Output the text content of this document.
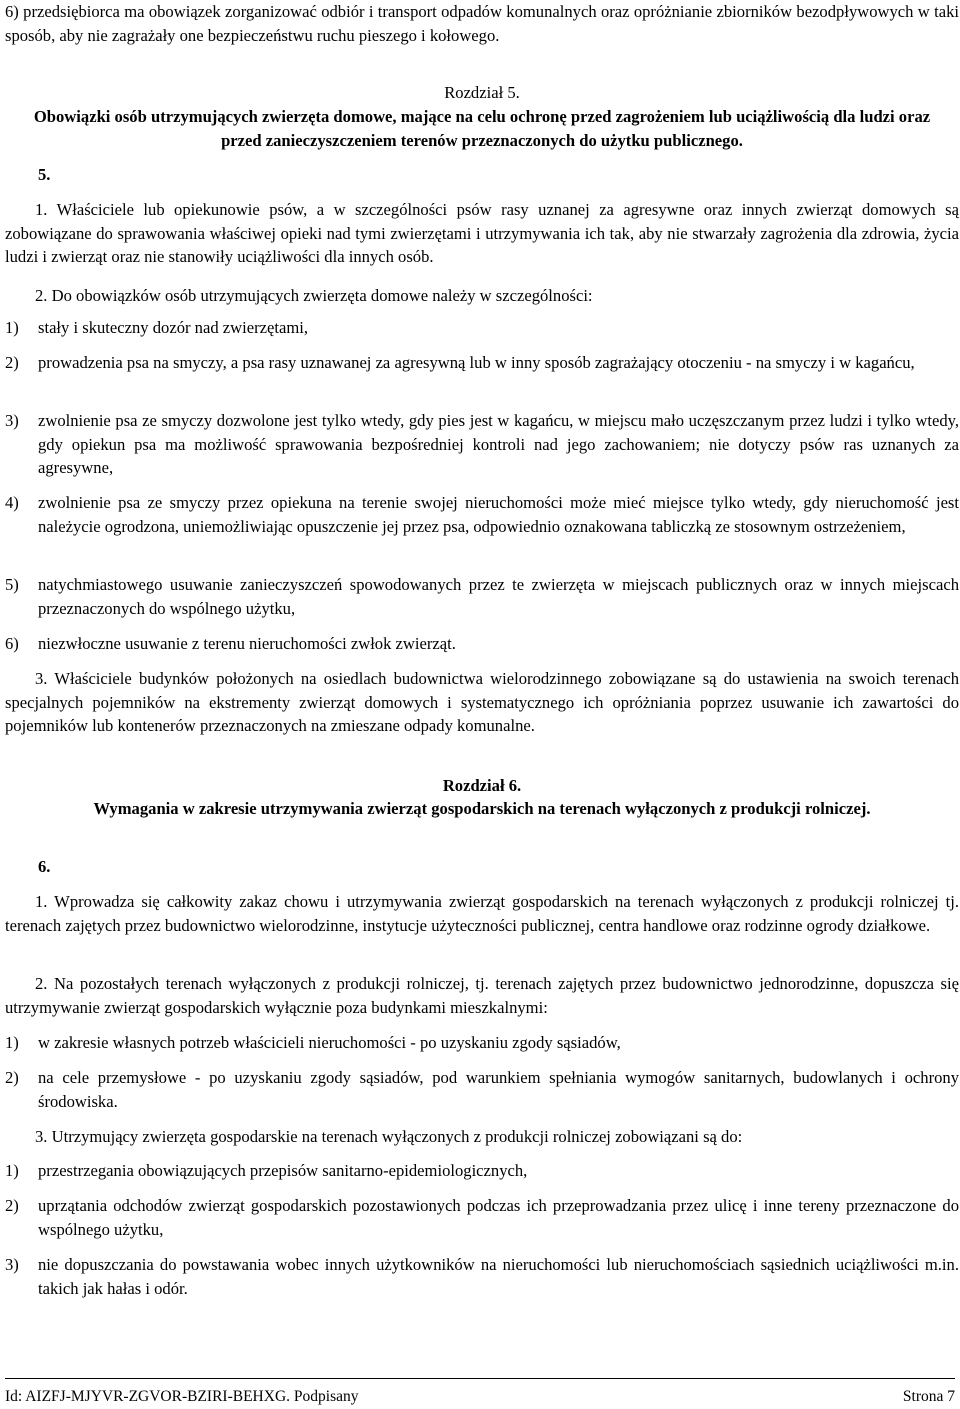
6) przedsiębiorca ma obowiązek zorganizować odbiór i transport odpadów komunalnych oraz opróżnianie zbiorników bezodpływowych w taki sposób, aby nie zagrażały one bezpieczeństwu ruchu pieszego i kołowego.

Rozdział 5.
Obowiązki osób utrzymujących zwierzęta domowe, mające na celu ochronę przed zagrożeniem lub uciążliwością dla ludzi oraz przed zanieczyszczeniem terenów przeznaczonych do użytku publicznego.
5.

1. Właściciele lub opiekunowie psów, a w szczególności psów rasy uznanej za agresywne oraz innych zwierząt domowych są zobowiązane do sprawowania właściwej opieki nad tymi zwierzętami i utrzymywania ich tak, aby nie stwarzały zagrożenia dla zdrowia, życia ludzi i zwierząt oraz nie stanowiły uciążliwości dla innych osób.

2. Do obowiązków osób utrzymujących zwierzęta domowe należy w szczególności:

1) stały i skuteczny dozór nad zwierzętami,
2) prowadzenia psa na smyczy, a psa rasy uznawanej za agresywną lub w inny sposób zagrażający otoczeniu - na smyczy i w kagańcu,
3) zwolnienie psa ze smyczy dozwolone jest tylko wtedy, gdy pies jest w kagańcu, w miejscu mało uczęszczanym przez ludzi i tylko wtedy, gdy opiekun psa ma możliwość sprawowania bezpośredniej kontroli nad jego zachowaniem; nie dotyczy psów ras uznanych za agresywne,
4) zwolnienie psa ze smyczy przez opiekuna na terenie swojej nieruchomości może mieć miejsce tylko wtedy, gdy nieruchomość jest należycie ogrodzona, uniemożliwiając opuszczenie jej przez psa, odpowiednio oznakowana tabliczką ze stosownym ostrzeżeniem,
5) natychmiastowego usuwanie zanieczyszczeń spowodowanych przez te zwierzęta w miejscach publicznych oraz w innych miejscach przeznaczonych do wspólnego użytku,
6) niezwłoczne usuwanie z terenu nieruchomości zwłok zwierząt.

3. Właściciele budynków położonych na osiedlach budownictwa wielorodzinnego zobowiązane są do ustawienia na swoich terenach specjalnych pojemników na ekstrementy zwierząt domowych i systematycznego ich opróżniania poprzez usuwanie ich zawartości do pojemników lub kontenerów przeznaczonych na zmieszane odpady komunalne.

Rozdział 6.
Wymagania w zakresie utrzymywania zwierząt gospodarskich na terenach wyłączonych z produkcji rolniczej.
6.

1. Wprowadza się całkowity zakaz chowu i utrzymywania zwierząt gospodarskich na terenach wyłączonych z produkcji rolniczej tj. terenach zajętych przez budownictwo wielorodzinne, instytucje użyteczności publicznej, centra handlowe oraz rodzinne ogrody działkowe.

2. Na pozostałych terenach wyłączonych z produkcji rolniczej, tj. terenach zajętych przez budownictwo jednorodzinne, dopuszcza się utrzymywanie zwierząt gospodarskich wyłącznie poza budynkami mieszkalnymi:

1) w zakresie własnych potrzeb właścicieli nieruchomości - po uzyskaniu zgody sąsiadów,
2) na cele przemysłowe - po uzyskaniu zgody sąsiadów, pod warunkiem spełniania wymogów sanitarnych, budowlanych i ochrony środowiska.

3. Utrzymujący zwierzęta gospodarskie na terenach wyłączonych z produkcji rolniczej zobowiązani są do:

1) przestrzegania obowiązujących przepisów sanitarno-epidemiologicznych,
2) uprzątania odchodów zwierząt gospodarskich pozostawionych podczas ich przeprowadzania przez ulicę i inne tereny przeznaczone do wspólnego użytku,
3) nie dopuszczania do powstawania wobec innych użytkowników na nieruchomości lub nieruchomościach sąsiednich uciążliwości m.in. takich jak hałas i odór.
Id: AIZFJ-MJYVR-ZGVOR-BZIRI-BEHXG. Podpisany	Strona 7
